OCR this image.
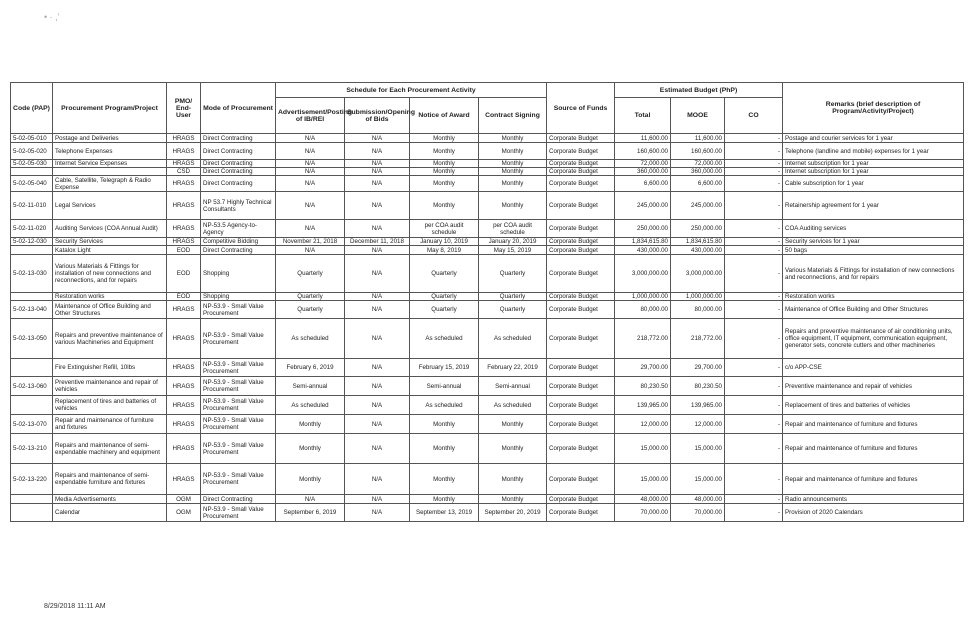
• · ,'
Code (PAP)	Procurement Program/Project	PMO/ End-User	Mode of Procurement	Schedule for Each Procurement Activity				Source of Funds	Estimated Budget (PhP)			Remarks (brief description of Program/Activity/Project)
				Advertisement/Posting of IB/REI	Submission/Opening of Bids	Notice of Award	Contract Signing		Total	MOOE	CO	
5-02-05-010	Postage and Deliveries	HRAGS	Direct Contracting	N/A	N/A	Monthly	Monthly	Corporate Budget	11,600.00	11,600.00	-	Postage and courier services for 1 year
5-02-05-020	Telephone Expenses	HRAGS	Direct Contracting	N/A	N/A	Monthly	Monthly	Corporate Budget	160,600.00	160,600.00	-	Telephone (landline and mobile) expenses for 1 year
5-02-05-030	Internet Service Expenses	HRAGS	Direct Contracting	N/A	N/A	Monthly	Monthly	Corporate Budget	72,000.00	72,000.00	-	Internet subscription for 1 year
		CSD	Direct Contracting	N/A	N/A	Monthly	Monthly	Corporate Budget	360,000.00	360,000.00	-	Internet subscription for 1 year
5-02-05-040	Cable, Satellite, Telegraph & Radio Expense	HRAGS	Direct Contracting	N/A	N/A	Monthly	Monthly	Corporate Budget	6,600.00	6,600.00	-	Cable subscription for 1 year
5-02-11-010	Legal Services	HRAGS	NP 53.7 Highly Technical Consultants	N/A	N/A	Monthly	Monthly	Corporate Budget	245,000.00	245,000.00	-	Retainership agreement for 1 year
5-02-11-020	Auditing Services (COA Annual Audit)	HRAGS	NP-53.5 Agency-to-Agency	N/A	N/A	per COA audit schedule	per COA audit schedule	Corporate Budget	250,000.00	250,000.00	-	COA Auditing services
5-02-12-030	Security Services	HRAGS	Competitive Bidding	November 21, 2018	December 11, 2018	January 10, 2019	January 20, 2019	Corporate Budget	1,834,615.80	1,834,615.80	-	Security services for 1 year
	Katalox Light	EOD	Direct Contracting	N/A	N/A	May 8, 2019	May 15, 2019	Corporate Budget	430,000.00	430,000.00	-	50 bags
5-02-13-030	Various Materials & Fittings for installation of new connections and reconnections, and for repairs	EOD	Shopping	Quarterly	N/A	Quarterly	Quarterly	Corporate Budget	3,000,000.00	3,000,000.00	-	Various Materials & Fittings for installation of new connections and reconnections, and for repairs
	Restoration works	EOD	Shopping	Quarterly	N/A	Quarterly	Quarterly	Corporate Budget	1,000,000.00	1,000,000.00	-	Restoration works
5-02-13-040	Maintenance of Office Building and Other Structures	HRAGS	NP-53.9 - Small Value Procurement	Quarterly	N/A	Quarterly	Quarterly	Corporate Budget	80,000.00	80,000.00	-	Maintenance of Office Building and Other Structures
5-02-13-050	Repairs and preventive maintenance of various Machineries and Equipment	HRAGS	NP-53.9 - Small Value Procurement	As scheduled	N/A	As scheduled	As scheduled	Corporate Budget	218,772.00	218,772.00	-	Repairs and preventive maintenance of air conditioning units, office equipment, IT equipment, communication equipment, generator sets, concrete cutters and other machineries
	Fire Extinguisher Refill, 10lbs	HRAGS	NP-53.9 - Small Value Procurement	February 6, 2019	N/A	February 15, 2019	February 22, 2019	Corporate Budget	29,700.00	29,700.00	-	c/o APP-CSE
5-02-13-060	Preventive maintenance and repair of vehicles	HRAGS	NP-53.9 - Small Value Procurement	Semi-annual	N/A	Semi-annual	Semi-annual	Corporate Budget	80,230.50	80,230.50	-	Preventive maintenance and repair of vehicles
	Replacement of tires and batteries of vehicles	HRAGS	NP-53.9 - Small Value Procurement	As scheduled	N/A	As scheduled	As scheduled	Corporate Budget	139,965.00	139,965.00	-	Replacement of tires and batteries of vehicles
5-02-13-070	Repair and maintenance of furniture and fixtures	HRAGS	NP-53.9 - Small Value Procurement	Monthly	N/A	Monthly	Monthly	Corporate Budget	12,000.00	12,000.00	-	Repair and maintenance of furniture and fixtures
5-02-13-210	Repairs and maintenance of semi-expendable machinery and equipment	HRAGS	NP-53.9 - Small Value Procurement	Monthly	N/A	Monthly	Monthly	Corporate Budget	15,000.00	15,000.00	-	Repair and maintenance of furniture and fixtures
5-02-13-220	Repairs and maintenance of semi-expendable furniture and fixtures	HRAGS	NP-53.9 - Small Value Procurement	Monthly	N/A	Monthly	Monthly	Corporate Budget	15,000.00	15,000.00	-	Repair and maintenance of furniture and fixtures
	Media Advertisements	OGM	Direct Contracting	N/A	N/A	Monthly	Monthly	Corporate Budget	48,000.00	48,000.00	-	Radio announcements
	Calendar	OGM	NP-53.9 - Small Value Procurement	September 6, 2019	N/A	September 13, 2019	September 20, 2019	Corporate Budget	70,000.00	70,000.00	-	Provision of 2020 Calendars
8/29/2018 11:11 AM
